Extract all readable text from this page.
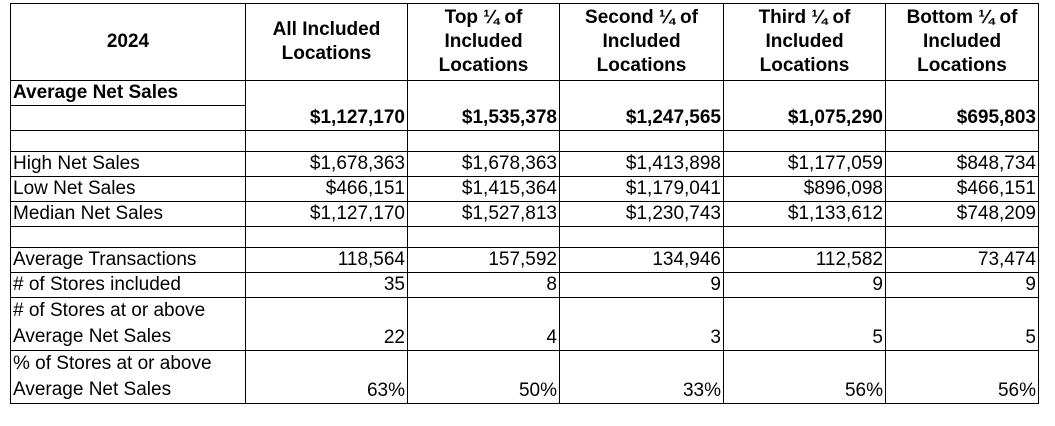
2024	All Included Locations	Top ¼ of Included Locations	Second ¼ of Included Locations	Third ¼ of Included Locations	Bottom ¼ of Included Locations
Average Net Sales					
	$1,127,170	$1,535,378	$1,247,565	$1,075,290	$695,803

High Net Sales	$1,678,363	$1,678,363	$1,413,898	$1,177,059	$848,734
Low Net Sales	$466,151	$1,415,364	$1,179,041	$896,098	$466,151
Median Net Sales	$1,127,170	$1,527,813	$1,230,743	$1,133,612	$748,209

Average Transactions	118,564	157,592	134,946	112,582	73,474
# of Stores included	35	8	9	9	9
# of Stores at or above Average Net Sales	22	4	3	5	5
% of Stores at or above Average Net Sales	63%	50%	33%	56%	56%
